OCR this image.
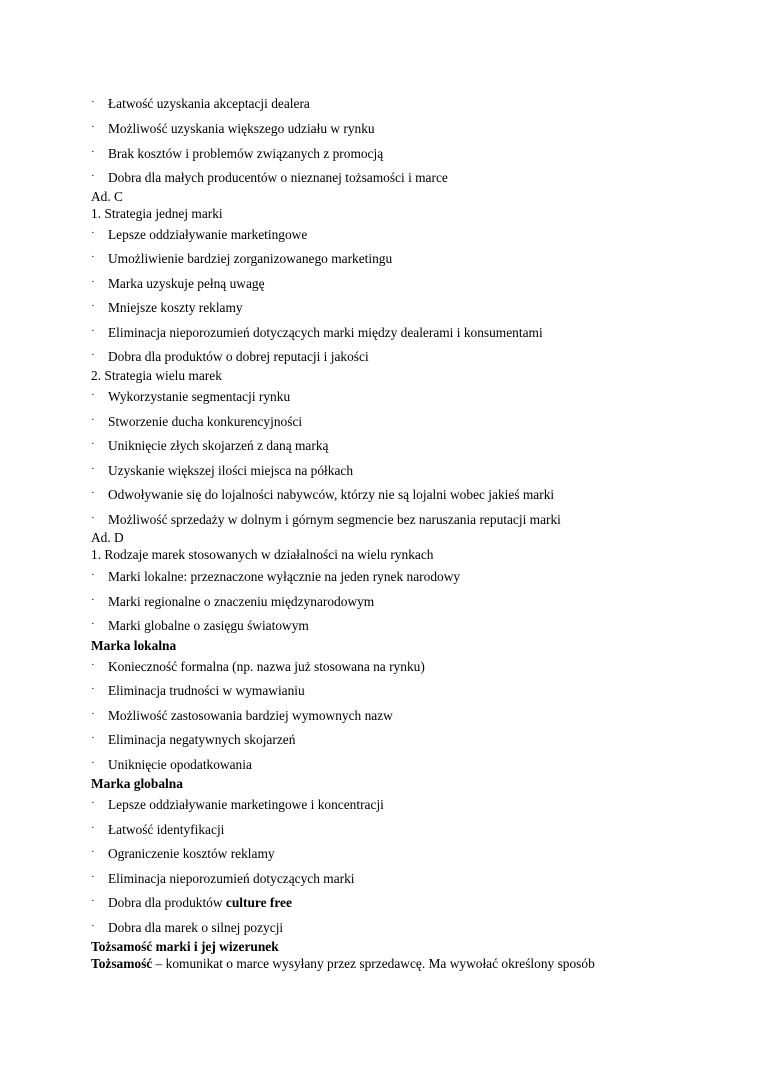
· Łatwość uzyskania akceptacji dealera
· Możliwość uzyskania większego udziału w rynku
· Brak kosztów i problemów związanych z promocją
· Dobra dla małych producentów o nieznanej tożsamości i marce
Ad. C
1. Strategia jednej marki
· Lepsze oddziaływanie marketingowe
· Umożliwienie bardziej zorganizowanego marketingu
· Marka uzyskuje pełną uwagę
· Mniejsze koszty reklamy
· Eliminacja nieporozumień dotyczących marki między dealerami i konsumentami
· Dobra dla produktów o dobrej reputacji i jakości
2. Strategia wielu marek
· Wykorzystanie segmentacji rynku
· Stworzenie ducha konkurencyjności
· Uniknięcie złych skojarzeń z daną marką
· Uzyskanie większej ilości miejsca na półkach
· Odwoływanie się do lojalności nabywców, którzy nie są lojalni wobec jakieś marki
· Możliwość sprzedaży w dolnym i górnym segmencie bez naruszania reputacji marki
Ad. D
1. Rodzaje marek stosowanych w działalności na wielu rynkach
· Marki lokalne: przeznaczone wyłącznie na jeden rynek narodowy
· Marki regionalne o znaczeniu międzynarodowym
· Marki globalne o zasięgu światowym
Marka lokalna
· Konieczność formalna (np. nazwa już stosowana na rynku)
· Eliminacja trudności w wymawianiu
· Możliwość zastosowania bardziej wymownych nazw
· Eliminacja negatywnych skojarzeń
· Uniknięcie opodatkowania
Marka globalna
· Lepsze oddziaływanie marketingowe i koncentracji
· Łatwość identyfikacji
· Ograniczenie kosztów reklamy
· Eliminacja nieporozumień dotyczących marki
· Dobra dla produktów culture free
· Dobra dla marek o silnej pozycji
Tożsamość marki i jej wizerunek
Tożsamość – komunikat o marce wysyłany przez sprzedawcę. Ma wywołać określony sposób
